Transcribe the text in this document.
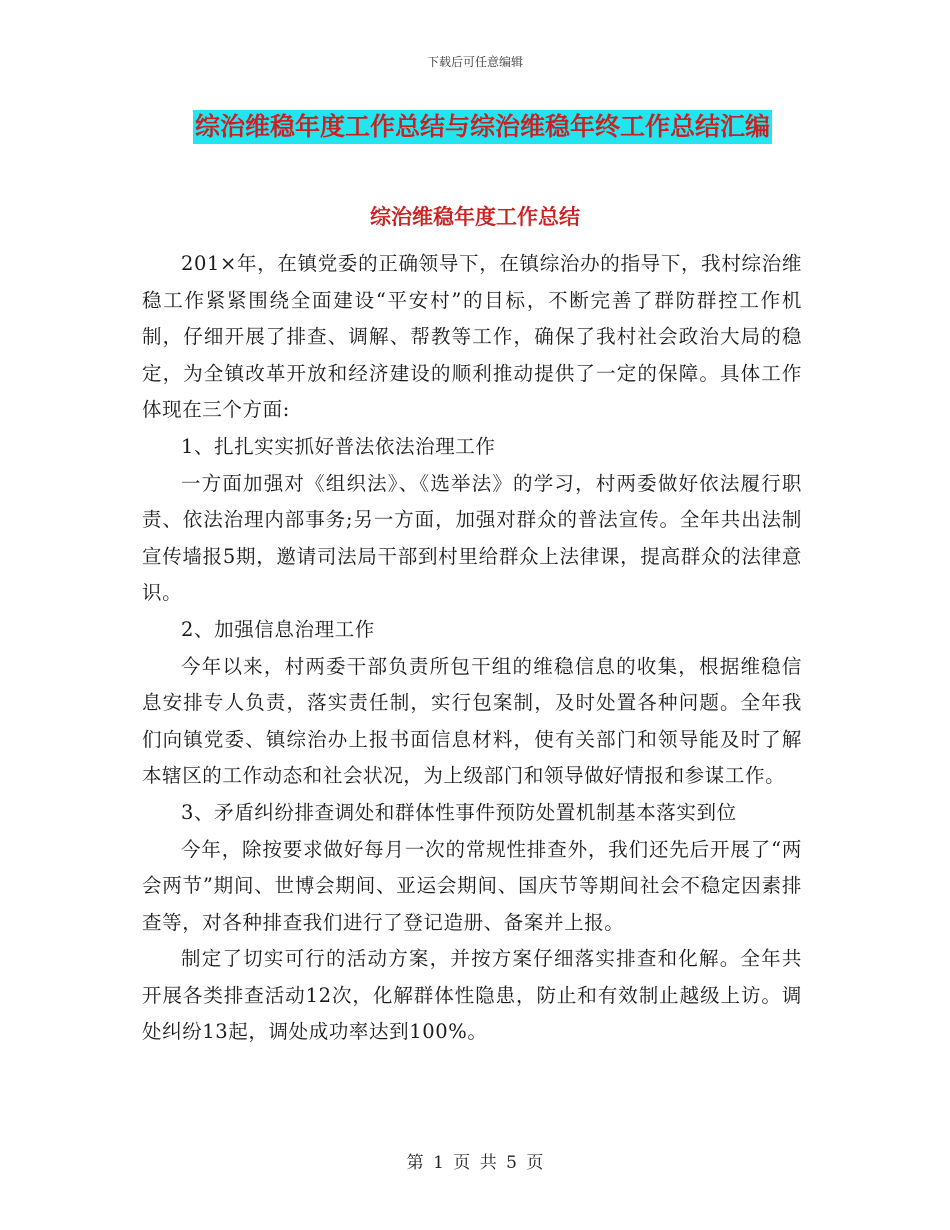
下载后可任意编辑
综治维稳年度工作总结与综治维稳年终工作总结汇编
综治维稳年度工作总结

201×年，在镇党委的正确领导下，在镇综治办的指导下，我村综治维稳工作紧紧围绕全面建设“平安村”的目标，不断完善了群防群控工作机制，仔细开展了排查、调解、帮教等工作，确保了我村社会政治大局的稳定，为全镇改革开放和经济建设的顺利推动提供了一定的保障。具体工作体现在三个方面:

1、扎扎实实抓好普法依法治理工作

一方面加强对《组织法》、《选举法》的学习，村两委做好依法履行职责、依法治理内部事务;另一方面，加强对群众的普法宣传。全年共出法制宣传墙报5期，邀请司法局干部到村里给群众上法律课，提高群众的法律意识。

2、加强信息治理工作

今年以来，村两委干部负责所包干组的维稳信息的收集，根据维稳信息安排专人负责，落实责任制，实行包案制，及时处置各种问题。全年我们向镇党委、镇综治办上报书面信息材料，使有关部门和领导能及时了解本辖区的工作动态和社会状况，为上级部门和领导做好情报和参谋工作。

3、矛盾纠纷排查调处和群体性事件预防处置机制基本落实到位

今年，除按要求做好每月一次的常规性排查外，我们还先后开展了“两会两节”期间、世博会期间、亚运会期间、国庆节等期间社会不稳定因素排查等，对各种排查我们进行了登记造册、备案并上报。

制定了切实可行的活动方案，并按方案仔细落实排查和化解。全年共开展各类排查活动12次，化解群体性隐患，防止和有效制止越级上访。调处纠纷13起，调处成功率达到100%。

第 1 页 共 5 页
